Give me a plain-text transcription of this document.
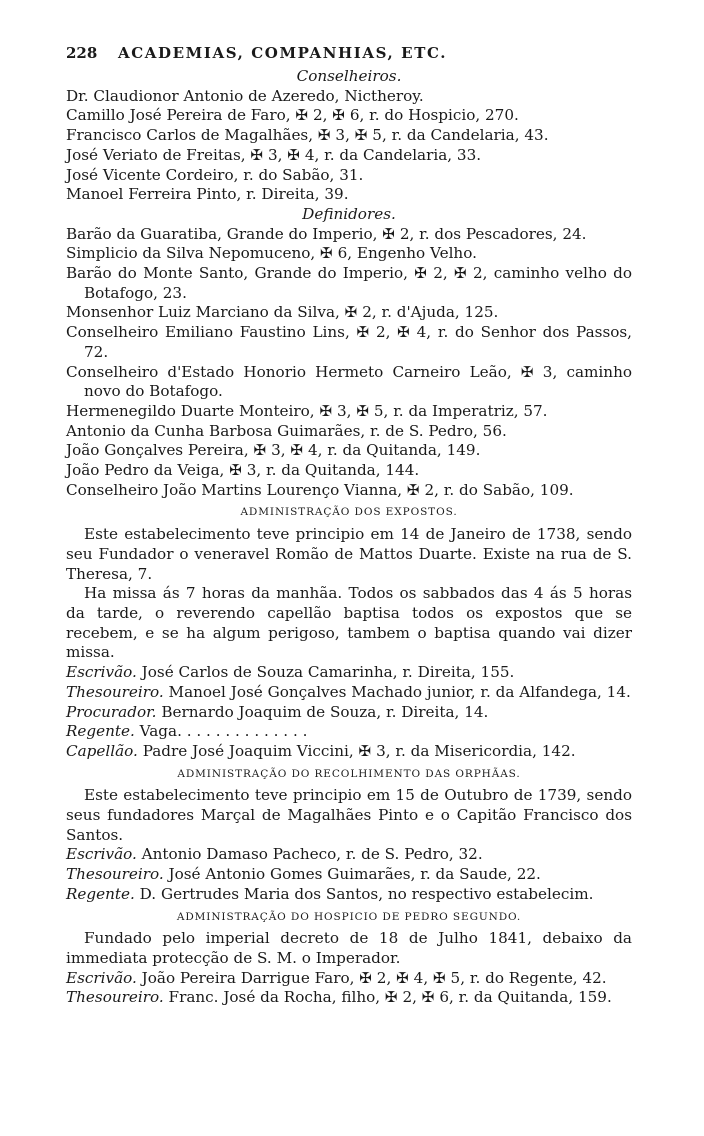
228	ACADEMIAS, COMPANHIAS, ETC.
Conselheiros.
Dr. Claudionor Antonio de Azeredo, Nictheroy.
Camillo José Pereira de Faro, ✠ 2, ✠ 6, r. do Hospicio, 270.
Francisco Carlos de Magalhães, ✠ 3, ✠ 5, r. da Candelaria, 43.
José Veriato de Freitas, ✠ 3, ✠ 4, r. da Candelaria, 33.
José Vicente Cordeiro, r. do Sabão, 31.
Manoel Ferreira Pinto, r. Direita, 39.
Definidores.
Barão da Guaratiba, Grande do Imperio, ✠ 2, r. dos Pescadores, 24.
Simplicio da Silva Nepomuceno, ✠ 6, Engenho Velho.
Barão do Monte Santo, Grande do Imperio, ✠ 2, ✠ 2, caminho velho do Botafogo, 23.
Monsenhor Luiz Marciano da Silva, ✠ 2, r. d'Ajuda, 125.
Conselheiro Emiliano Faustino Lins, ✠ 2, ✠ 4, r. do Senhor dos Passos, 72.
Conselheiro d'Estado Honorio Hermeto Carneiro Leão, ✠ 3, caminho novo do Botafogo.
Hermenegildo Duarte Monteiro, ✠ 3, ✠ 5, r. da Imperatriz, 57.
Antonio da Cunha Barbosa Guimarães, r. de S. Pedro, 56.
João Gonçalves Pereira, ✠ 3, ✠ 4, r. da Quitanda, 149.
João Pedro da Veiga, ✠ 3, r. da Quitanda, 144.
Conselheiro João Martins Lourenço Vianna, ✠ 2, r. do Sabão, 109.
ADMINISTRAÇÃO DOS EXPOSTOS.
Este estabelecimento teve principio em 14 de Janeiro de 1738, sendo seu Fundador o veneravel Romão de Mattos Duarte. Existe na rua de S. Theresa, 7.
Ha missa ás 7 horas da manhãa. Todos os sabbados das 4 ás 5 horas da tarde, o reverendo capellão baptisa todos os expostos que se recebem, e se ha algum perigoso, tambem o baptisa quando vai dizer missa.
Escrivão. José Carlos de Souza Camarinha, r. Direita, 155.
Thesoureiro. Manoel José Gonçalves Machado junior, r. da Alfandega, 14.
Procurador. Bernardo Joaquim de Souza, r. Direita, 14.
Regente. Vaga. . . . . . . . . . . . . .
Capellão. Padre José Joaquim Viccini, ✠ 3, r. da Misericordia, 142.
ADMINISTRAÇÃO DO RECOLHIMENTO DAS ORPHÃAS.
Este estabelecimento teve principio em 15 de Outubro de 1739, sendo seus fundadores Marçal de Magalhães Pinto e o Capitão Francisco dos Santos.
Escrivão. Antonio Damaso Pacheco, r. de S. Pedro, 32.
Thesoureiro. José Antonio Gomes Guimarães, r. da Saude, 22.
Regente. D. Gertrudes Maria dos Santos, no respectivo estabelecim.
ADMINISTRAÇÃO DO HOSPICIO DE PEDRO SEGUNDO.
Fundado pelo imperial decreto de 18 de Julho 1841, debaixo da immediata protecção de S. M. o Imperador.
Escrivão. João Pereira Darrigue Faro, ✠ 2, ✠ 4, ✠ 5, r. do Regente, 42.
Thesoureiro. Franc. José da Rocha, filho, ✠ 2, ✠ 6, r. da Quitanda, 159.
